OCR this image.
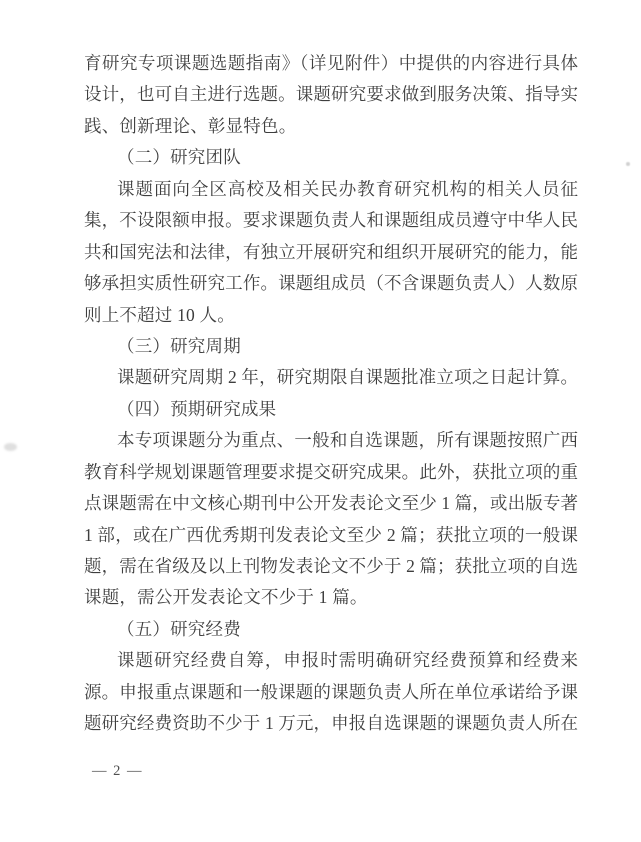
育研究专项课题选题指南》（详见附件）中提供的内容进行具体
设计，也可自主进行选题。课题研究要求做到服务决策、指导实
践、创新理论、彰显特色。
（二）研究团队
课题面向全区高校及相关民办教育研究机构的相关人员征
集，不设限额申报。要求课题负责人和课题组成员遵守中华人民
共和国宪法和法律，有独立开展研究和组织开展研究的能力，能
够承担实质性研究工作。课题组成员（不含课题负责人）人数原
则上不超过 10 人。
（三）研究周期
课题研究周期 2 年，研究期限自课题批准立项之日起计算。
（四）预期研究成果
本专项课题分为重点、一般和自选课题，所有课题按照广西
教育科学规划课题管理要求提交研究成果。此外，获批立项的重
点课题需在中文核心期刊中公开发表论文至少 1 篇，或出版专著
1 部，或在广西优秀期刊发表论文至少 2 篇；获批立项的一般课
题，需在省级及以上刊物发表论文不少于 2 篇；获批立项的自选
课题，需公开发表论文不少于 1 篇。
（五）研究经费
课题研究经费自筹，申报时需明确研究经费预算和经费来
源。申报重点课题和一般课题的课题负责人所在单位承诺给予课
题研究经费资助不少于 1 万元，申报自选课题的课题负责人所在
— 2 —
